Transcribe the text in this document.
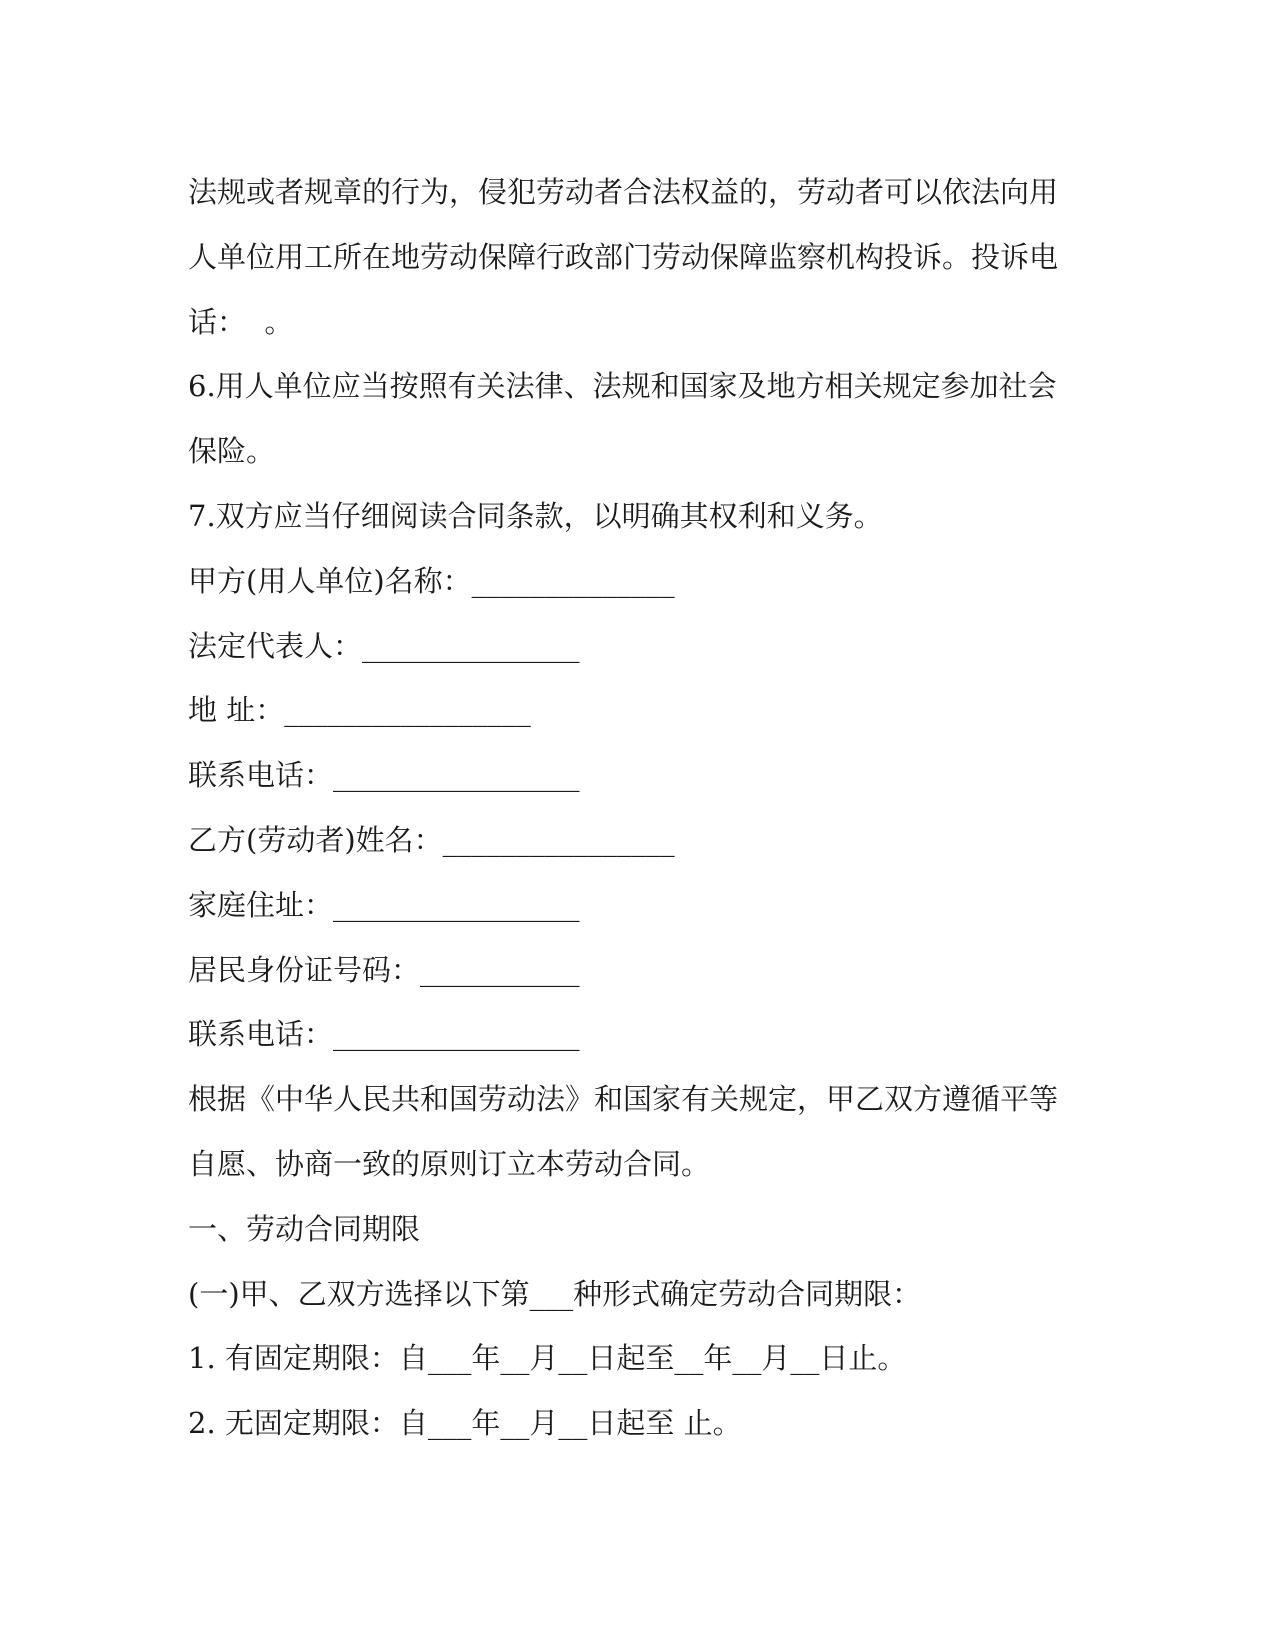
法规或者规章的行为，侵犯劳动者合法权益的，劳动者可以依法向用

人单位用工所在地劳动保障行政部门劳动保障监察机构投诉。投诉电

话：  。

6.用人单位应当按照有关法律、法规和国家及地方相关规定参加社会

保险。

7.双方应当仔细阅读合同条款，以明确其权利和义务。

甲方(用人单位)名称：______________

法定代表人：_______________

地 址：_________________

联系电话：_________________

乙方(劳动者)姓名：________________

家庭住址：_________________

居民身份证号码：___________

联系电话：_________________

根据《中华人民共和国劳动法》和国家有关规定，甲乙双方遵循平等

自愿、协商一致的原则订立本劳动合同。

一、劳动合同期限

(一)甲、乙双方选择以下第___种形式确定劳动合同期限：

1. 有固定期限：自___年__月__日起至__年__月__日止。

2. 无固定期限：自___年__月__日起至 止。
